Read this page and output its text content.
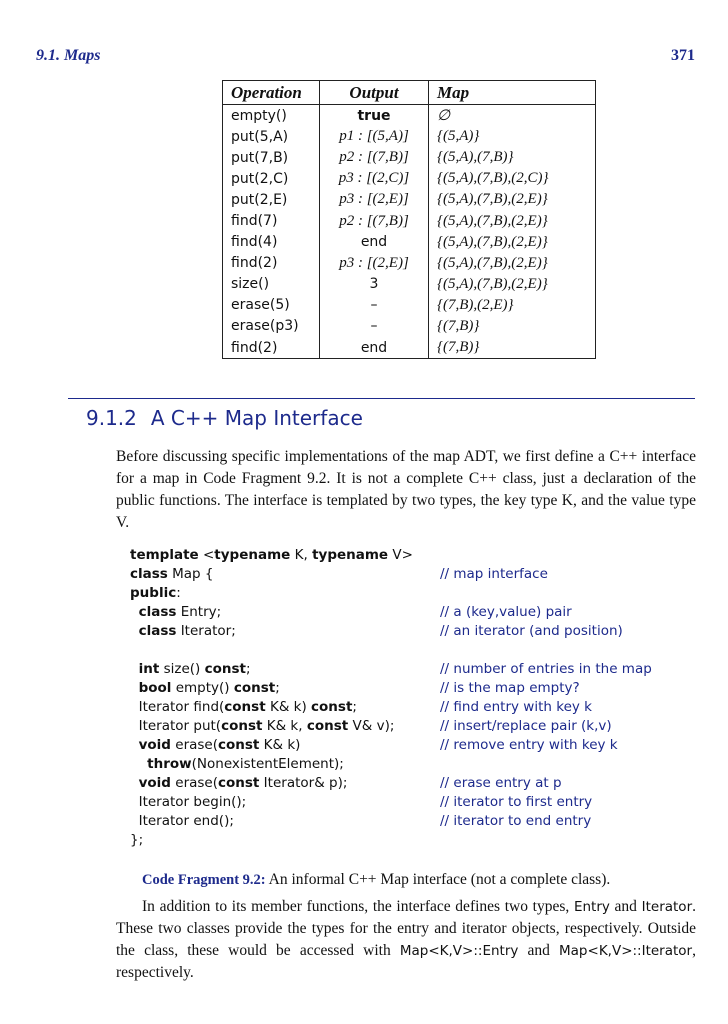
9.1. Maps	371
Operation	Output	Map
empty()	true	∅
put(5,A)	p1 : [(5,A)]	{(5,A)}
put(7,B)	p2 : [(7,B)]	{(5,A),(7,B)}
put(2,C)	p3 : [(2,C)]	{(5,A),(7,B),(2,C)}
put(2,E)	p3 : [(2,E)]	{(5,A),(7,B),(2,E)}
find(7)	p2 : [(7,B)]	{(5,A),(7,B),(2,E)}
find(4)	end	{(5,A),(7,B),(2,E)}
find(2)	p3 : [(2,E)]	{(5,A),(7,B),(2,E)}
size()	3	{(5,A),(7,B),(2,E)}
erase(5)	–	{(7,B),(2,E)}
erase(p3)	–	{(7,B)}
find(2)	end	{(7,B)}
9.1.2 A C++ Map Interface
Before discussing specific implementations of the map ADT, we first define a C++ interface for a map in Code Fragment 9.2. It is not a complete C++ class, just a declaration of the public functions. The interface is templated by two types, the key type K, and the value type V.
template <typename K, typename V>
class Map {	// map interface
public:
class Entry;	// a (key,value) pair
class Iterator;	// an iterator (and position)
int size() const;	// number of entries in the map
bool empty() const;	// is the map empty?
Iterator find(const K& k) const;	// find entry with key k
Iterator put(const K& k, const V& v);	// insert/replace pair (k,v)
void erase(const K& k)	// remove entry with key k
throw(NonexistentElement);
void erase(const Iterator& p);	// erase entry at p
Iterator begin();	// iterator to first entry
Iterator end();	// iterator to end entry
};
Code Fragment 9.2: An informal C++ Map interface (not a complete class).
In addition to its member functions, the interface defines two types, Entry and Iterator. These two classes provide the types for the entry and iterator objects, respectively. Outside the class, these would be accessed with Map<K,V>::Entry and Map<K,V>::Iterator, respectively.
